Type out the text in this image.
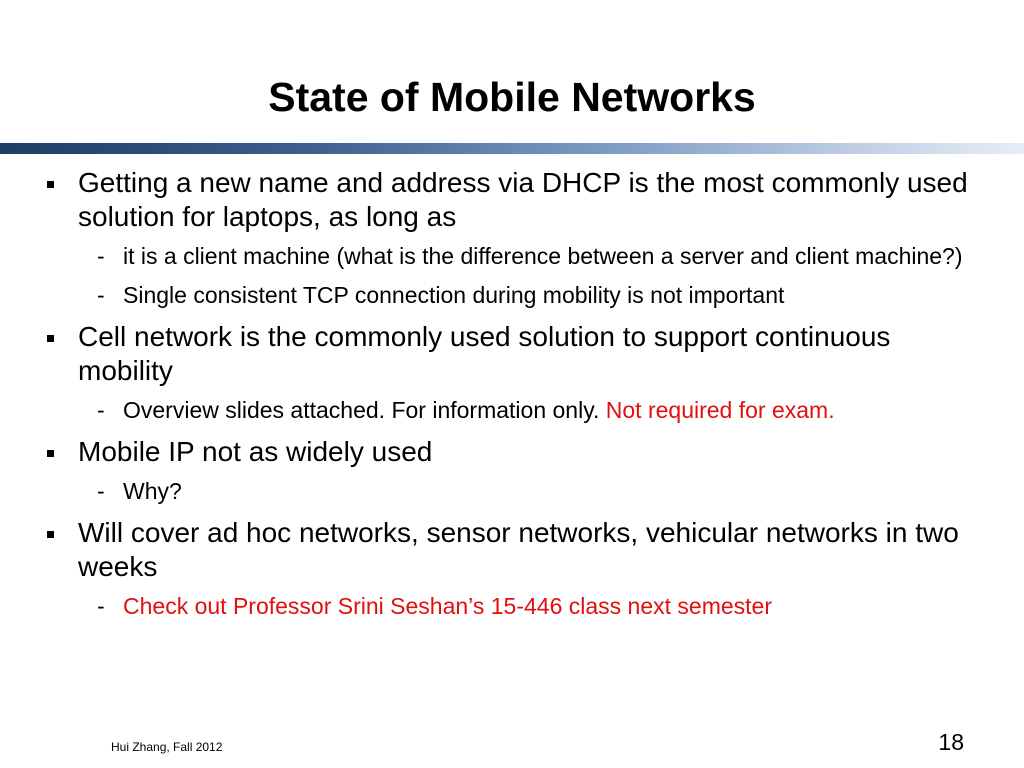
State of Mobile Networks
Getting a new name and address via DHCP is the most commonly used solution for laptops, as long as
- it is a client machine (what is the difference between a server and client machine?)
- Single consistent TCP connection during mobility is not important
Cell network is the commonly used solution to support continuous mobility
- Overview slides attached. For information only. Not required for exam.
Mobile IP not as widely used
- Why?
Will cover ad hoc networks, sensor networks, vehicular networks in two weeks
- Check out Professor Srini Seshan’s 15-446 class next semester
Hui Zhang, Fall 2012	18
